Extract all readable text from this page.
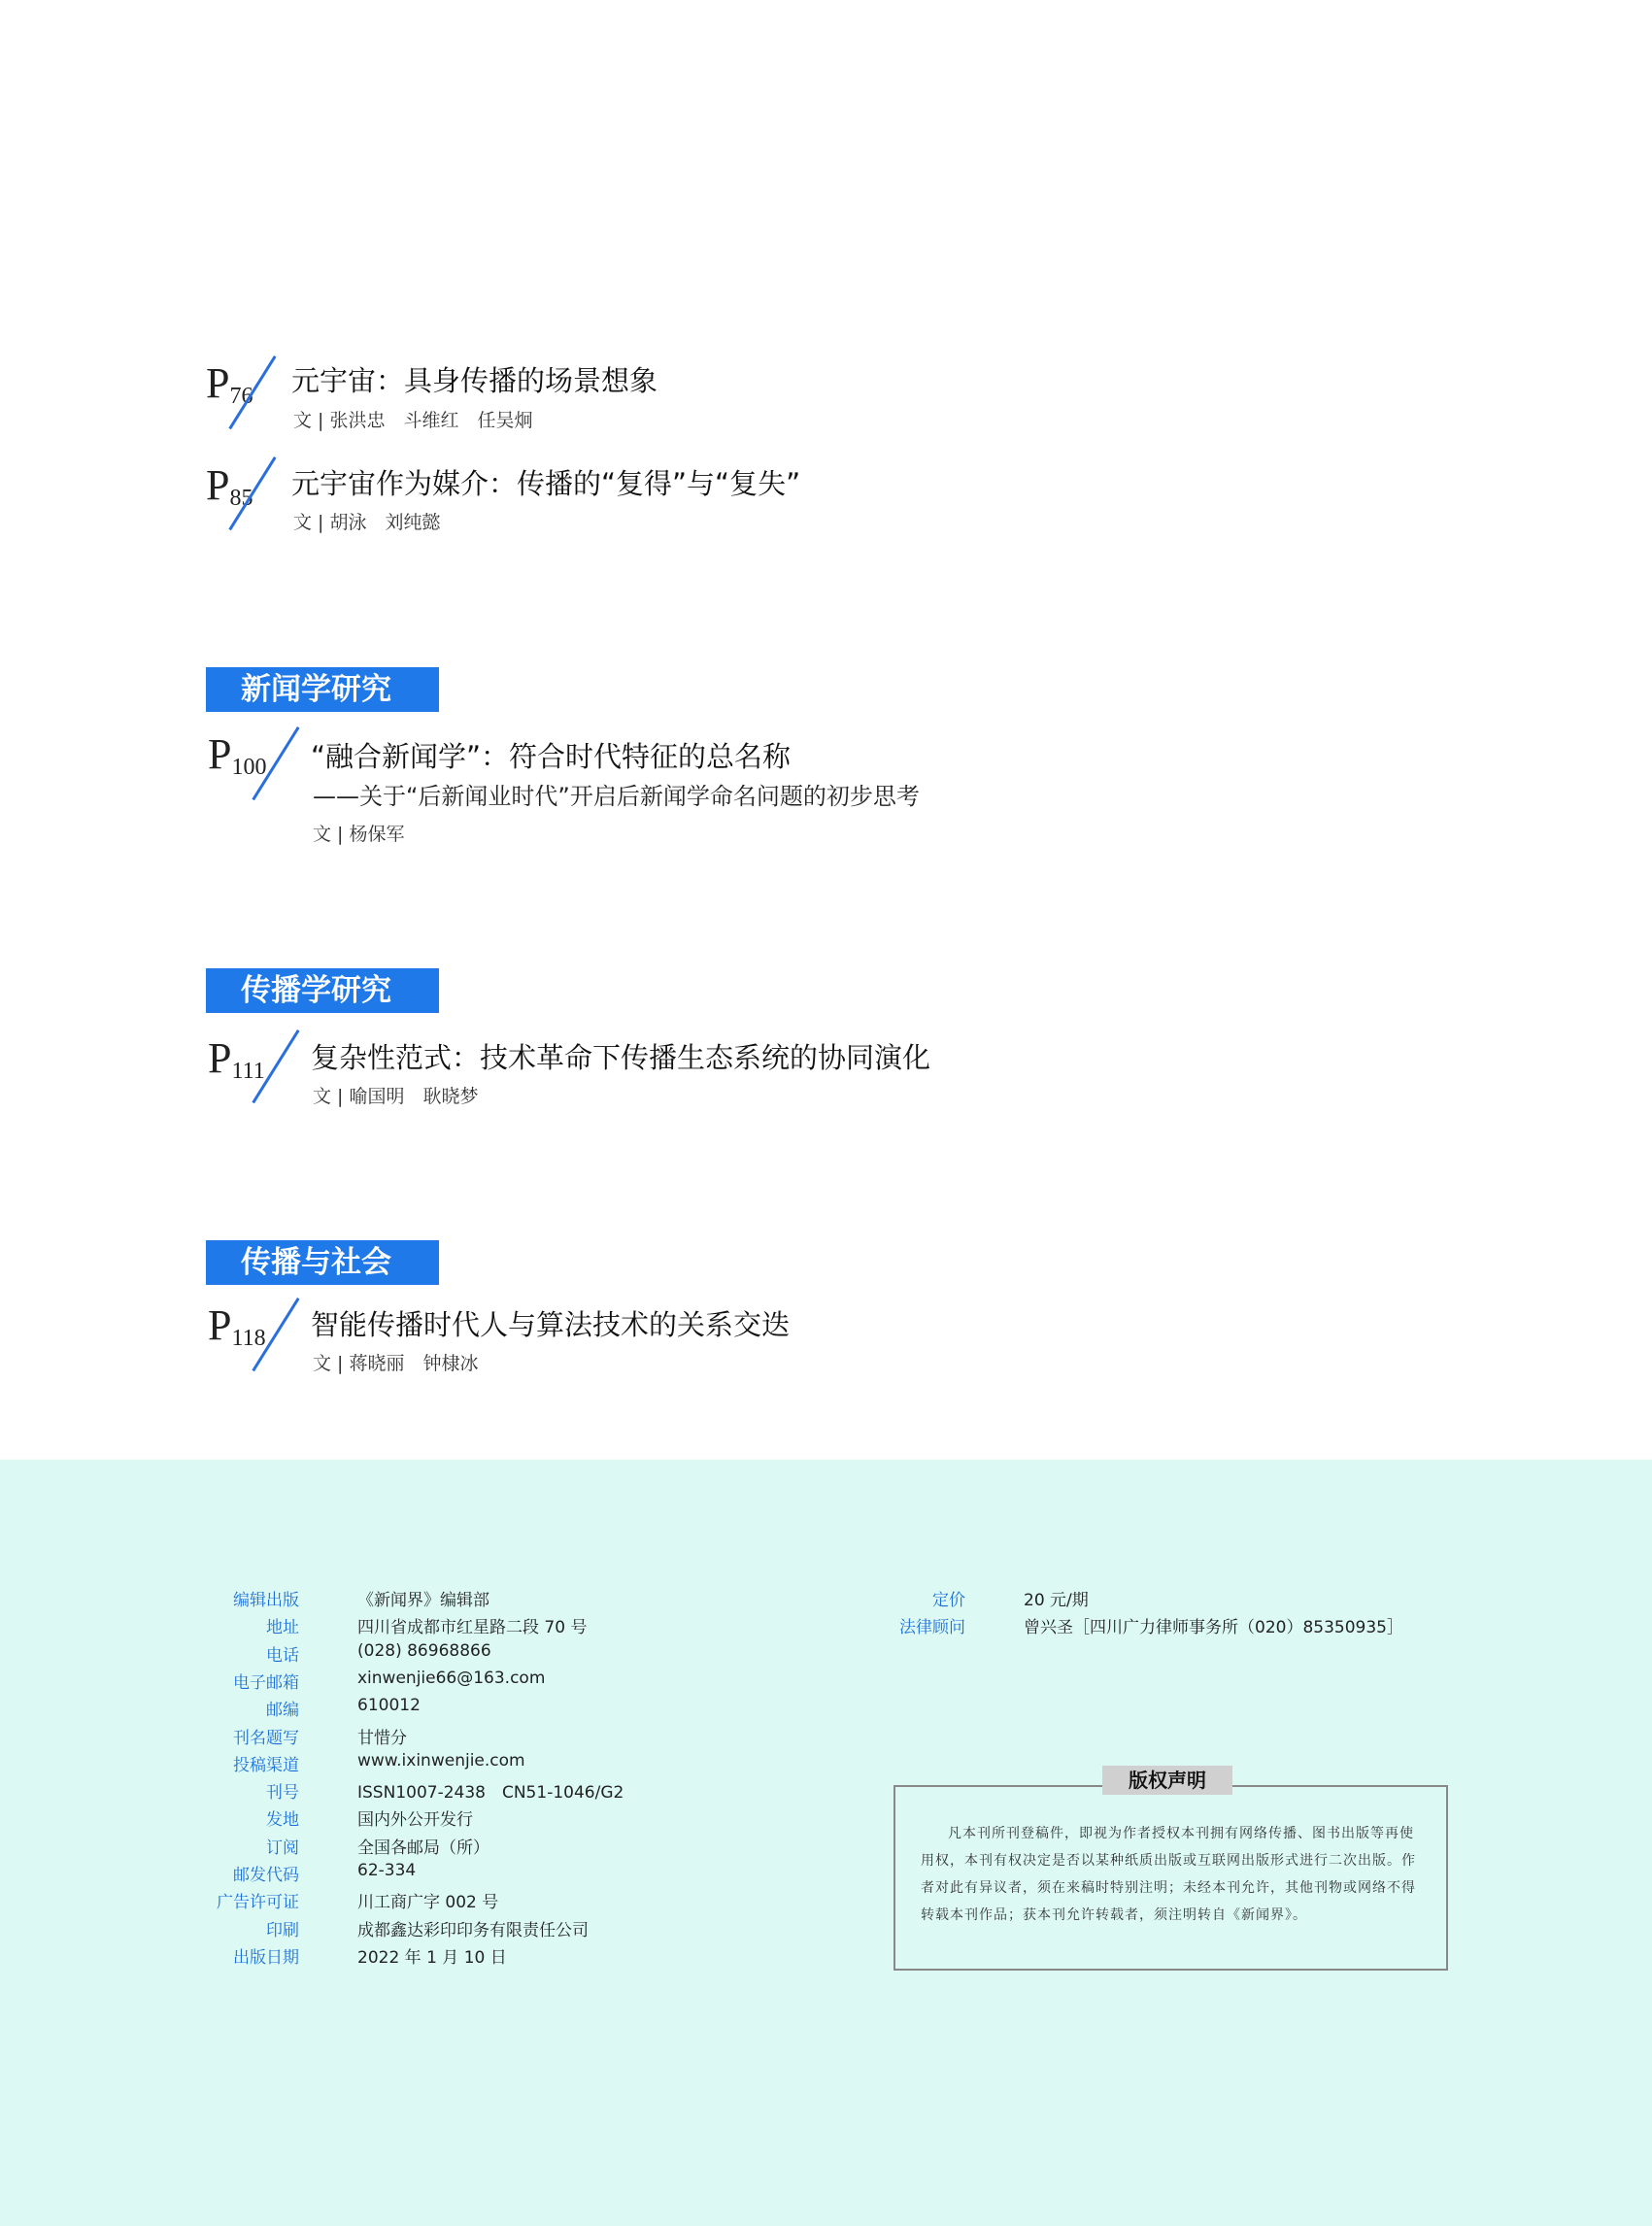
$P_{76}$ 元宇宙：具身传播的场景想象
文 | 张洪忠　斗维红　任吴炯
$P_{85}$ 元宇宙作为媒介：传播的“复得”与“复失”
文 | 胡泳　刘纯懿
新闻学研究
$P_{100}$ “融合新闻学”：符合时代特征的总名称
——关于“后新闻业时代”开启后新闻学命名问题的初步思考
文 | 杨保军
传播学研究
$P_{111}$ 复杂性范式：技术革命下传播生态系统的协同演化
文 | 喻国明　耿晓梦
传播与社会
$P_{118}$ 智能传播时代人与算法技术的关系交迭
文 | 蒋晓丽　钟棣冰
编辑出版	《新闻界》编辑部
地址	四川省成都市红星路二段 70 号
电话	(028) 86968866
电子邮箱	xinwenjie66@163.com
邮编	610012
刊名题写	甘惜分
投稿渠道	www.ixinwenjie.com
刊号	ISSN1007-2438　CN51-1046/G2
发地	国内外公开发行
订阅	全国各邮局（所）
邮发代码	62-334
广告许可证	川工商广字 002 号
印刷	成都鑫达彩印印务有限责任公司
出版日期	2022 年 1 月 10 日
定价	20 元/期
法律顾问	曾兴圣［四川广力律师事务所（020）85350935］
凡本刊所刊登稿件，即视为作者授权本刊拥有网络传播、图书出版等再使用权，本刊有权决定是否以某种纸质出版或互联网出版形式进行二次出版。作者对此有异议者，须在来稿时特别注明；未经本刊允许，其他刊物或网络不得转载本刊作品；获本刊允许转载者，须注明转自《新闻界》。
版权声明
